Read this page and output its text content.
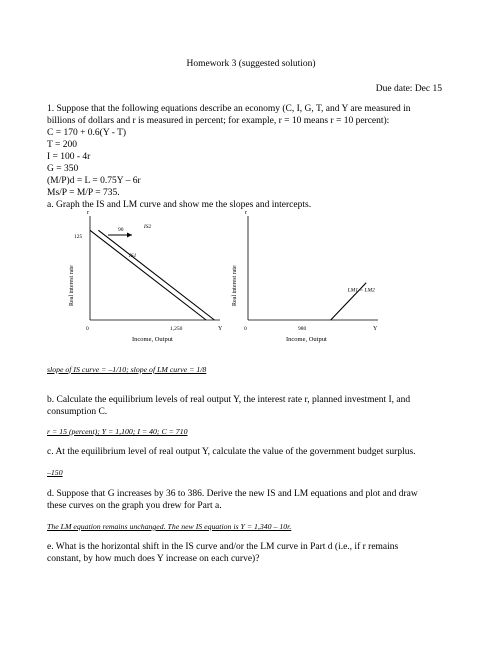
Homework 3 (suggested solution)
Due date: Dec 15
1. Suppose that the following equations describe an economy (C, I, G, T, and Y are measured in
billions of dollars and r is measured in percent; for example, r = 10 means r = 10 percent):
C = 170 + 0.6(Y - T)
T = 200
I = 100 - 4r
G = 350
(M/P)d = L = 0.75Y – 6r
Ms/P = M/P = 735.
a. Graph the IS and LM curve and show me the slopes and intercepts.
r
Y
0
125
1,250
Real interest rate
Income, Output
IS1
IS2
90
r
Y
0	980
Real interest rate
Income, Output
LM1 = LM2
slope of IS curve = –1/10; slope of LM curve = 1/8
b. Calculate the equilibrium levels of real output Y, the interest rate r, planned investment I, and
consumption C.
r = 15 (percent); Y = 1,100; I = 40; C = 710
c. At the equilibrium level of real output Y, calculate the value of the government budget surplus.
–150
d. Suppose that G increases by 36 to 386. Derive the new IS and LM equations and plot and draw
these curves on the graph you drew for Part a.
The LM equation remains unchanged. The new IS equation is Y = 1,340 – 10r.
e. What is the horizontal shift in the IS curve and/or the LM curve in Part d (i.e., if r remains
constant, by how much does Y increase on each curve)?
